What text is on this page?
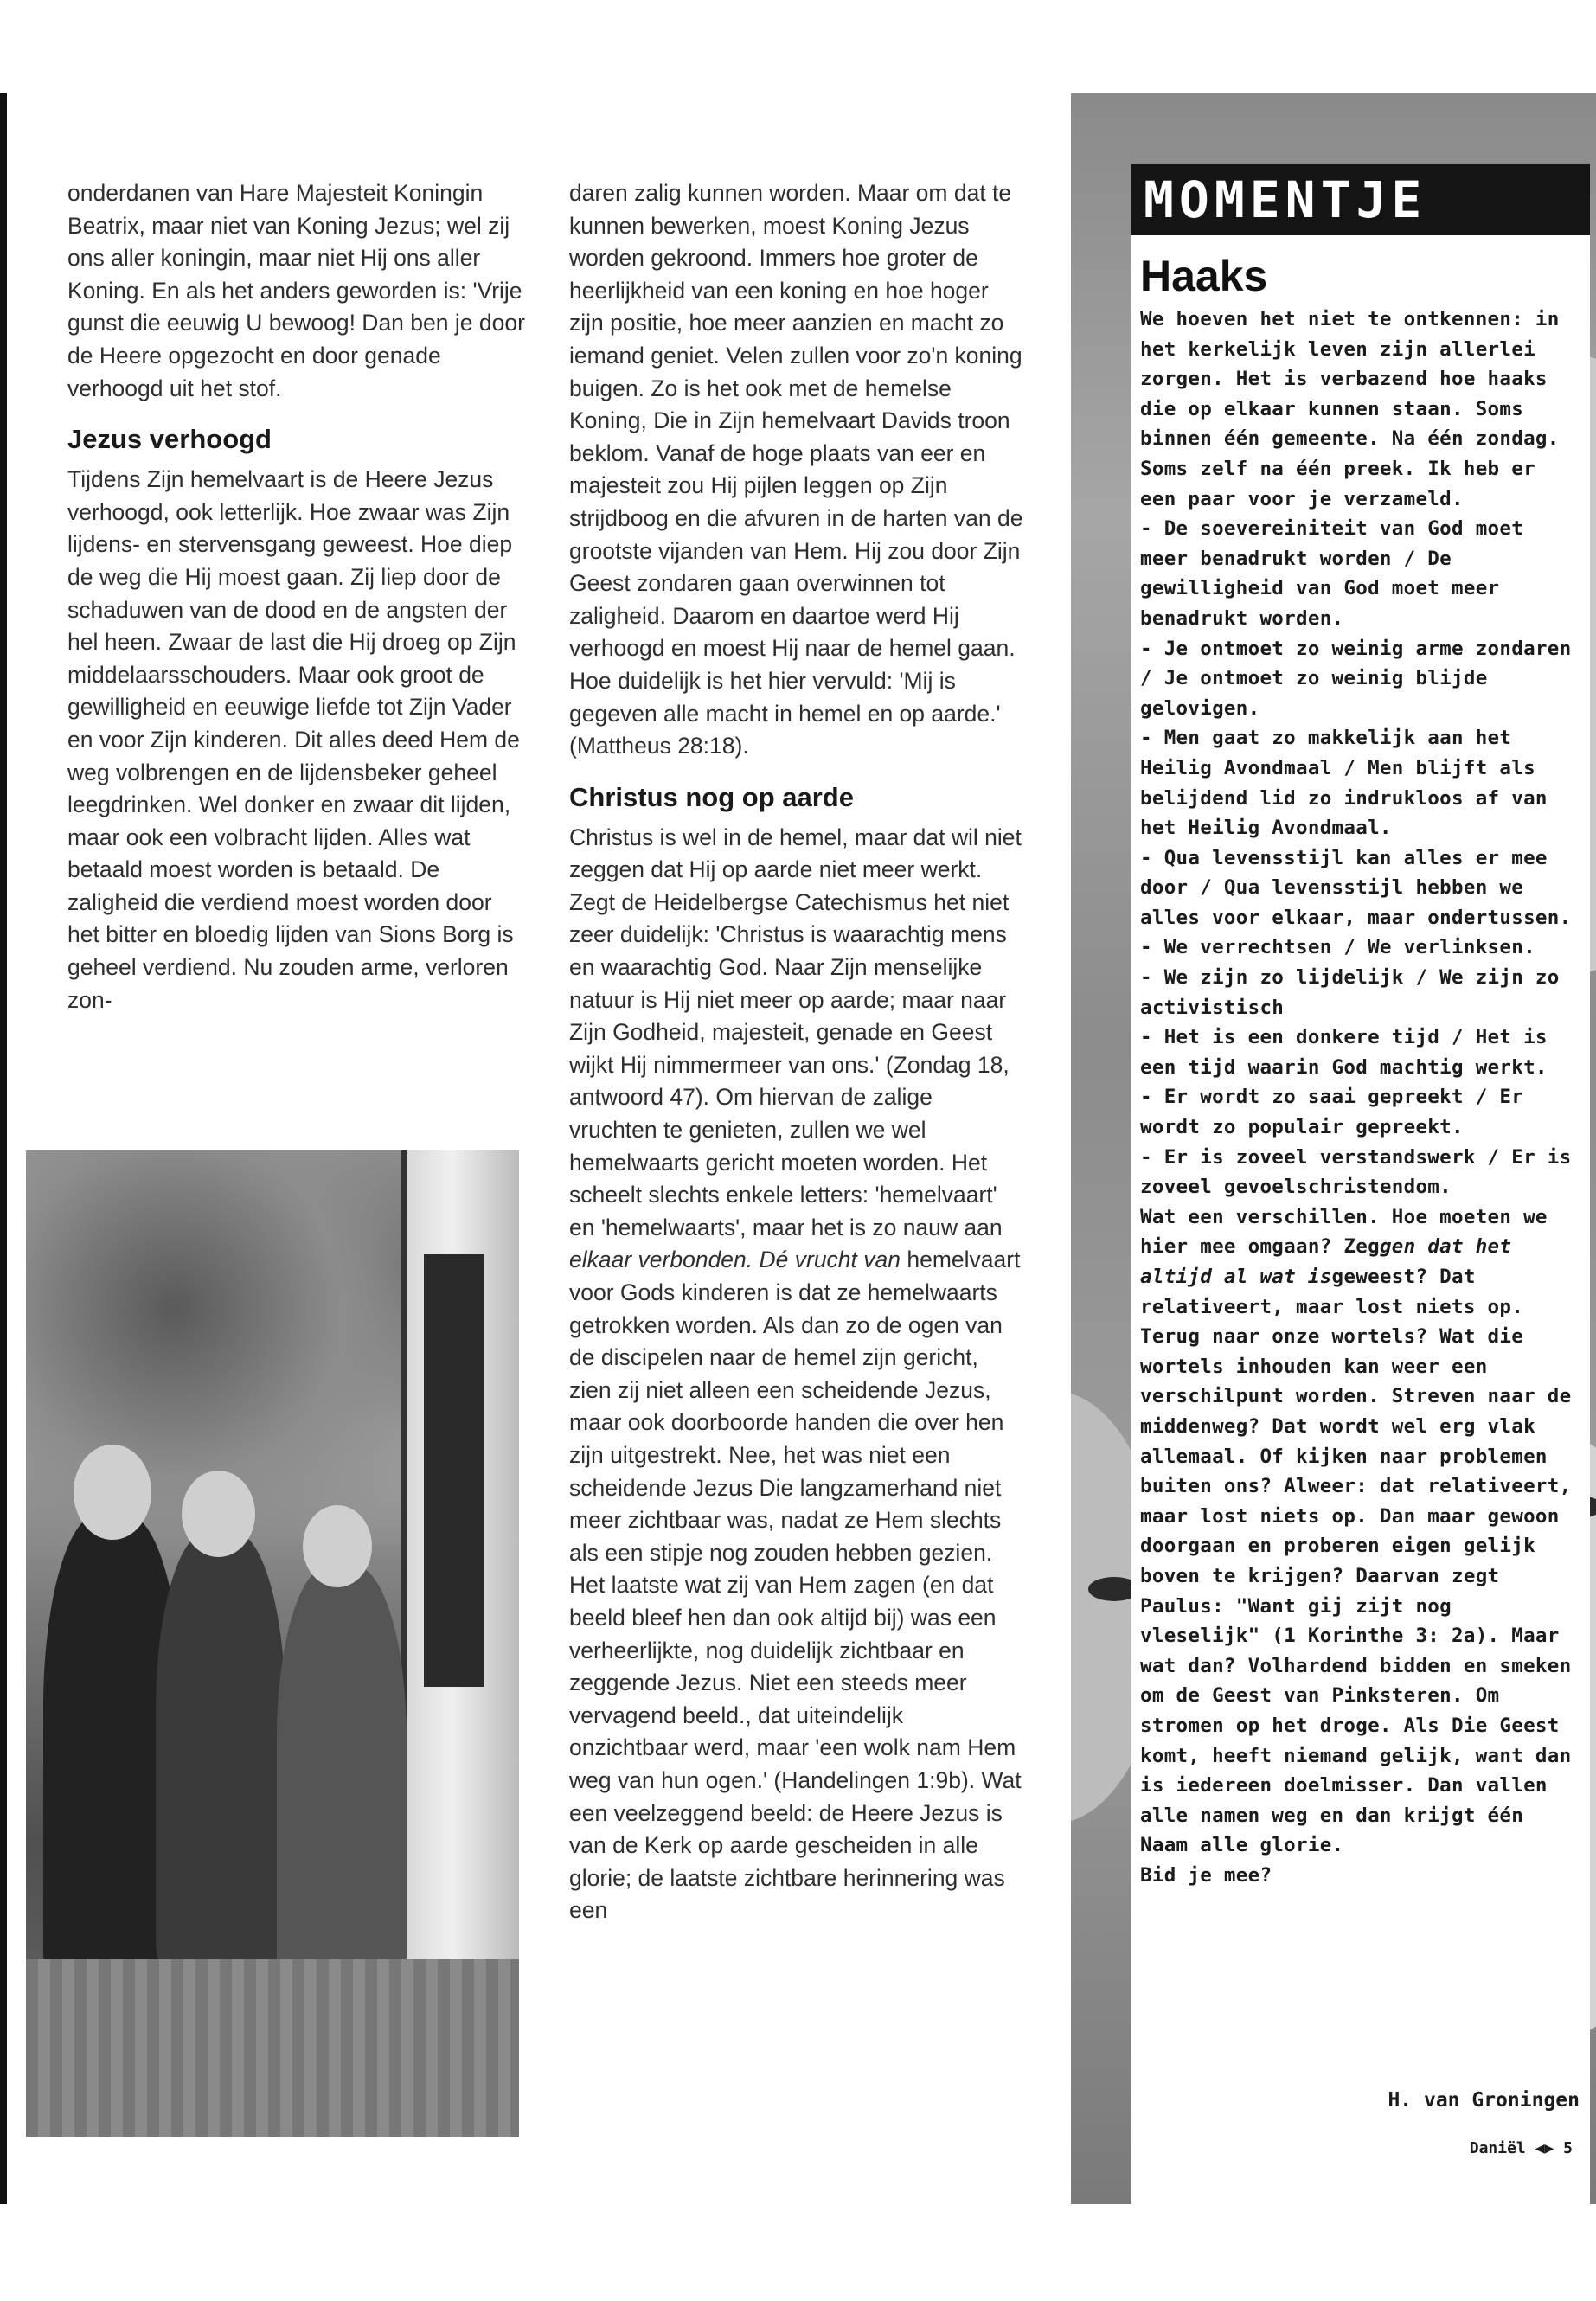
onderdanen van Hare Majesteit Koningin Beatrix, maar niet van Koning Jezus; wel zij ons aller koningin, maar niet Hij ons aller Koning. En als het anders geworden is: 'Vrije gunst die eeuwig U bewoog! Dan ben je door de Heere opgezocht en door genade verhoogd uit het stof.

Jezus verhoogd

Tijdens Zijn hemelvaart is de Heere Jezus verhoogd, ook letterlijk. Hoe zwaar was Zijn lijdens- en stervensgang geweest. Hoe diep de weg die Hij moest gaan. Zij liep door de schaduwen van de dood en de angsten der hel heen. Zwaar de last die Hij droeg op Zijn middelaarsschouders. Maar ook groot de gewilligheid en eeuwige liefde tot Zijn Vader en voor Zijn kinderen. Dit alles deed Hem de weg volbrengen en de lijdensbeker geheel leegdrinken. Wel donker en zwaar dit lijden, maar ook een volbracht lijden. Alles wat betaald moest worden is betaald. De zaligheid die verdiend moest worden door het bitter en bloedig lijden van Sions Borg is geheel verdiend. Nu zouden arme, verloren zon-

daren zalig kunnen worden. Maar om dat te kunnen bewerken, moest Koning Jezus worden gekroond. Immers hoe groter de heerlijkheid van een koning en hoe hoger zijn positie, hoe meer aanzien en macht zo iemand geniet. Velen zullen voor zo'n koning buigen. Zo is het ook met de hemelse Koning, Die in Zijn hemelvaart Davids troon beklom. Vanaf de hoge plaats van eer en majesteit zou Hij pijlen leggen op Zijn strijdboog en die afvuren in de harten van de grootste vijanden van Hem. Hij zou door Zijn Geest zondaren gaan overwinnen tot zaligheid. Daarom en daartoe werd Hij verhoogd en moest Hij naar de hemel gaan. Hoe duidelijk is het hier vervuld: 'Mij is gegeven alle macht in hemel en op aarde.' (Mattheus 28:18).

Christus nog op aarde

Christus is wel in de hemel, maar dat wil niet zeggen dat Hij op aarde niet meer werkt. Zegt de Heidelbergse Catechismus het niet zeer duidelijk: 'Christus is waarachtig mens en waarachtig God. Naar Zijn menselijke natuur is Hij niet meer op aarde; maar naar Zijn Godheid, majesteit, genade en Geest wijkt Hij nimmermeer van ons.' (Zondag 18, antwoord 47). Om hiervan de zalige vruchten te genieten, zullen we wel hemelwaarts gericht moeten worden. Het scheelt slechts enkele letters: 'hemelvaart' en 'hemelwaarts', maar het is zo nauw aan elkaar verbonden. Dé vrucht van hemelvaart voor Gods kinderen is dat ze hemelwaarts getrokken worden. Als dan zo de ogen van de discipelen naar de hemel zijn gericht, zien zij niet alleen een scheidende Jezus, maar ook doorboorde handen die over hen zijn uitgestrekt. Nee, het was niet een scheidende Jezus Die langzamerhand niet meer zichtbaar was, nadat ze Hem slechts als een stipje nog zouden hebben gezien. Het laatste wat zij van Hem zagen (en dat beeld bleef hen dan ook altijd bij) was een verheerlijkte, nog duidelijk zichtbaar en zeggende Jezus. Niet een steeds meer vervagend beeld., dat uiteindelijk onzichtbaar werd, maar 'een wolk nam Hem weg van hun ogen.' (Handelingen 1:9b). Wat een veelzeggend beeld: de Heere Jezus is van de Kerk op aarde gescheiden in alle glorie; de laatste zichtbare herinnering was een

MOMENTJE
Haaks

We hoeven het niet te ontkennen: in het kerkelijk leven zijn allerlei zorgen. Het is verbazend hoe haaks die op elkaar kunnen staan. Soms binnen één gemeente. Na één zondag. Soms zelf na één preek. Ik heb er een paar voor je verzameld.

- De soevereiniteit van God moet meer benadrukt worden / De gewilligheid van God moet meer benadrukt worden.

- Je ontmoet zo weinig arme zondaren / Je ontmoet zo weinig blijde gelovigen.

- Men gaat zo makkelijk aan het Heilig Avondmaal / Men blijft als belijdend lid zo indrukloos af van het Heilig Avondmaal.

- Qua levensstijl kan alles er mee door / Qua levensstijl hebben we alles voor elkaar, maar ondertussen.

- We verrechtsen / We verlinksen.

- We zijn zo lijdelijk / We zijn zo activistisch

- Het is een donkere tijd / Het is een tijd waarin God machtig werkt.

- Er wordt zo saai gepreekt / Er wordt zo populair gepreekt.

- Er is zoveel verstandswerk / Er is zoveel gevoelschristendom.

Wat een verschillen. Hoe moeten we hier mee omgaan? Zeggen dat het altijd al wat isgeweest? Dat relativeert, maar lost niets op. Terug naar onze wortels? Wat die wortels inhouden kan weer een verschilpunt worden. Streven naar de middenweg? Dat wordt wel erg vlak allemaal. Of kijken naar problemen buiten ons? Alweer: dat relativeert, maar lost niets op. Dan maar gewoon doorgaan en proberen eigen gelijk boven te krijgen? Daarvan zegt Paulus: "Want gij zijt nog vleselijk" (1 Korinthe 3: 2a). Maar wat dan? Volhardend bidden en smeken om de Geest van Pinksteren. Om stromen op het droge. Als Die Geest komt, heeft niemand gelijk, want dan is iedereen doelmisser. Dan vallen alle namen weg en dan krijgt één Naam alle glorie.

Bid je mee?

H. van Groningen
Daniël ◀▶ 5
